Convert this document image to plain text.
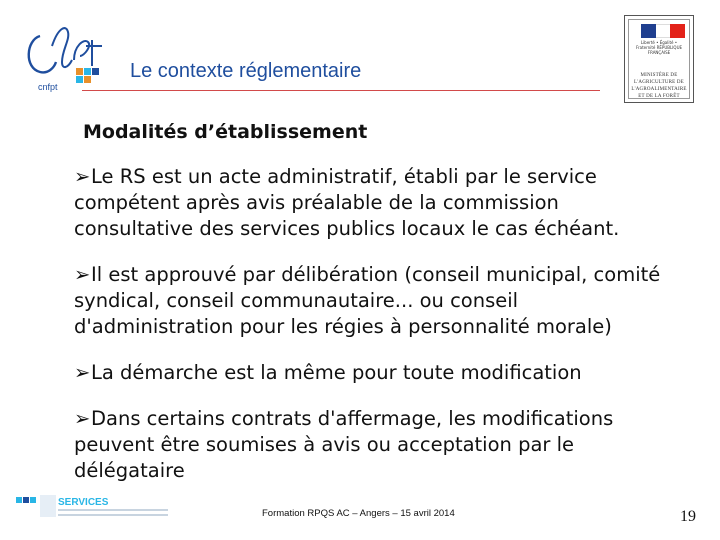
cnfpt
Le contexte réglementaire
Liberté • Égalité • Fraternité RÉPUBLIQUE FRANÇAISE
MINISTÈRE DE L'AGRICULTURE DE L'AGROALIMENTAIRE ET DE LA FORÊT
Modalités d’établissement
➢Le RS est un acte administratif, établi par le service compétent après avis préalable de la commission consultative des services publics locaux le cas échéant.
➢Il est approuvé par délibération (conseil municipal, comité syndical, conseil communautaire... ou conseil d'administration pour les régies à personnalité morale)
➢La démarche est la même pour toute modification
➢Dans certains contrats d'affermage, les modifications peuvent être soumises à avis ou acceptation par le délégataire
SERVICES
Formation RPQS AC – Angers – 15 avril 2014	19
